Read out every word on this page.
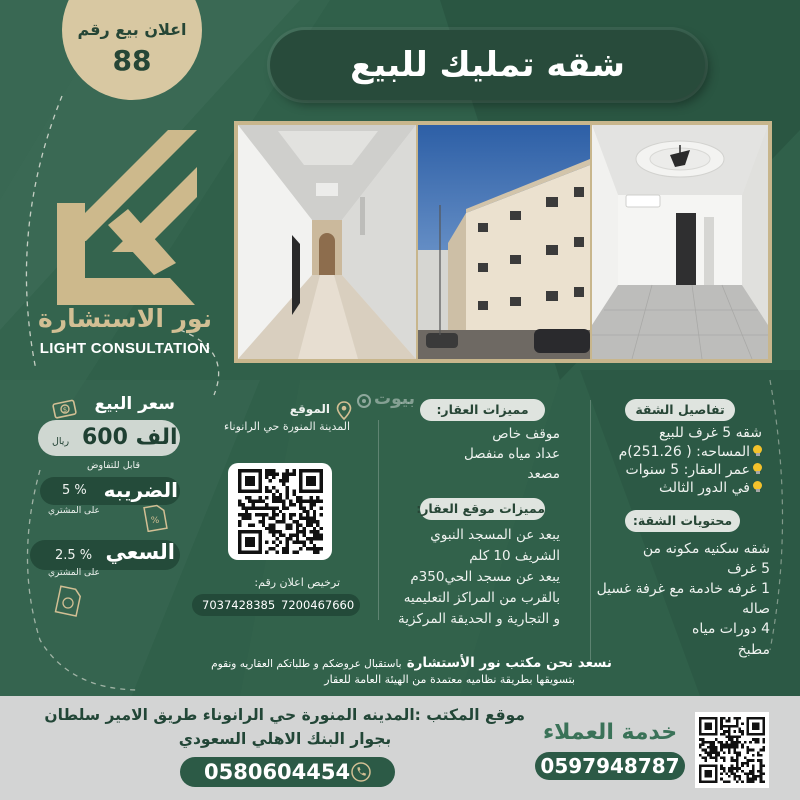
اعلان بيع رقم
88	شقه تمليك للبيع
نور الاستشارة
LIGHT CONSULTATION
بيوت
تفاصيل الشقة
شقه 5 غرف للبيع
المساحه: ( 251.26)م
عمر العقار: 5 سنوات
في الدور الثالث
محتويات الشقة:
شقه سكنيه مكونه من
5 غرف
1 غرفه خادمة مع غرفة غسيل
صاله
4 دورات مياه
مطبخ
مميزات العقار:
موقف خاص
عداد مياه منفصل
مصعد
مميزات موقع العقار:
يبعد عن المسجد النبوي
الشريف 10 كلم
يبعد عن مسجد الحي350م
بالقرب من المراكز التعليميه
و التجارية و الحديقة المركزية
الموقع
المدينة المنورة حي الرانوناء
ترخيص اعلان رقم:
7037428385 7200467660
$ سعر البيع
ريال 600 الف
قابل للتفاوض
الضريبه
5 %
على المشتري
%
السعي
2.5 %
على المشتري
نسعد نحن مكتب نور الأستشارة باستقبال عروضكم و طلباتكم العقاريه ونقوم
بتسويقها بطريقة نظاميه معتمدة من الهيئة العامة للعقار
موقع المكتب :المدينه المنورة حي الرانوناء طريق الامير سلطان
بجوار البنك الاهلي السعودي
0580604454
خدمة العملاء
0597948787
